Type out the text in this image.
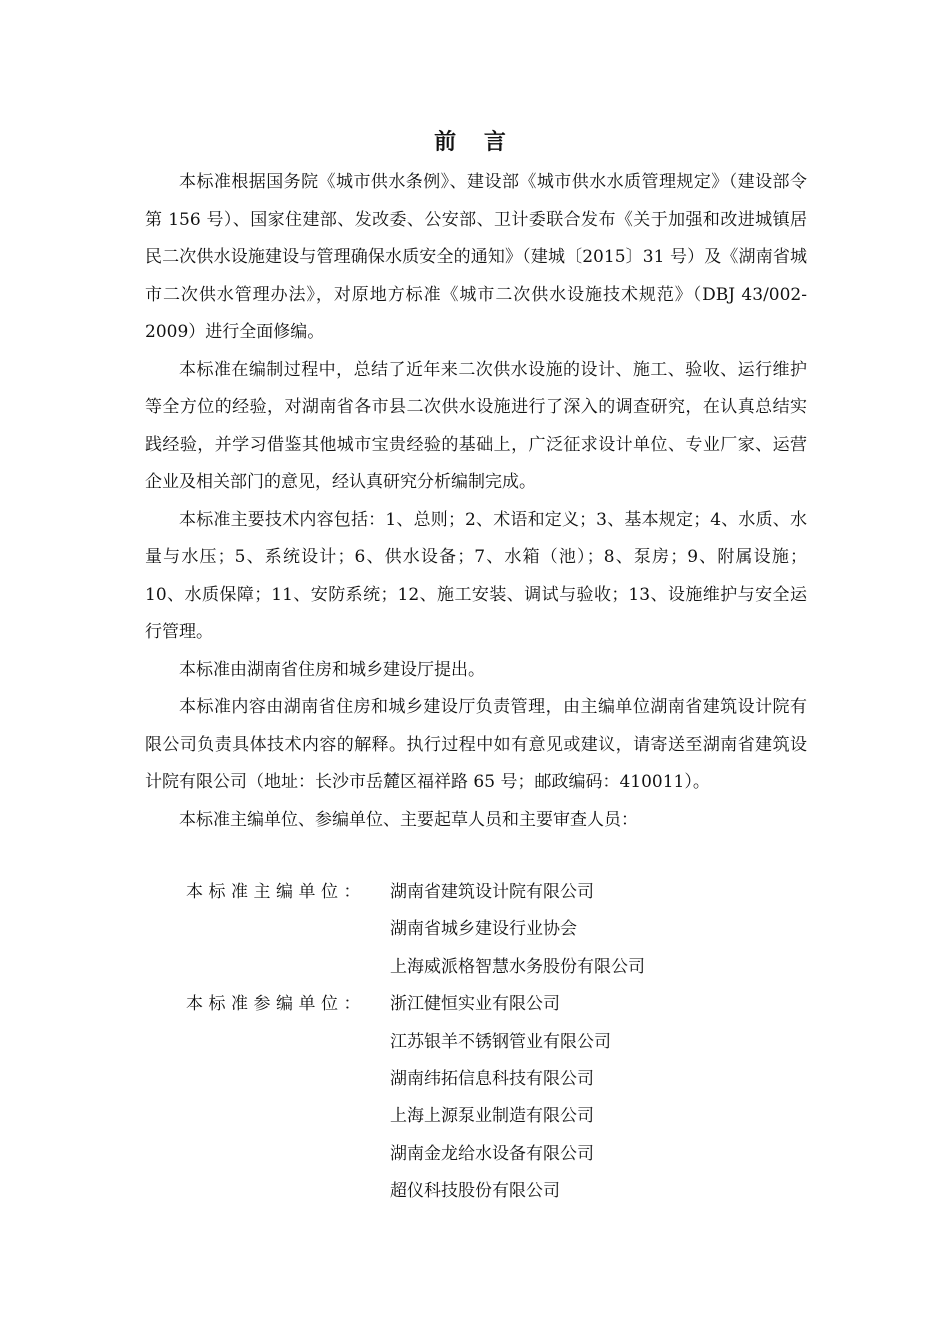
前 言

本标准根据国务院《城市供水条例》、建设部《城市供水水质管理规定》（建设部令第 156 号）、国家住建部、发改委、公安部、卫计委联合发布《关于加强和改进城镇居民二次供水设施建设与管理确保水质安全的通知》（建城〔2015〕31 号）及《湖南省城市二次供水管理办法》，对原地方标准《城市二次供水设施技术规范》（DBJ 43/002-2009）进行全面修编。

本标准在编制过程中，总结了近年来二次供水设施的设计、施工、验收、运行维护等全方位的经验，对湖南省各市县二次供水设施进行了深入的调查研究，在认真总结实践经验，并学习借鉴其他城市宝贵经验的基础上，广泛征求设计单位、专业厂家、运营企业及相关部门的意见，经认真研究分析编制完成。

本标准主要技术内容包括：1、总则；2、术语和定义；3、基本规定；4、水质、水量与水压；5、系统设计；6、供水设备；7、水箱（池）；8、泵房；9、附属设施；10、水质保障；11、安防系统；12、施工安装、调试与验收；13、设施维护与安全运行管理。

本标准由湖南省住房和城乡建设厅提出。

本标准内容由湖南省住房和城乡建设厅负责管理，由主编单位湖南省建筑设计院有限公司负责具体技术内容的解释。执行过程中如有意见或建议，请寄送至湖南省建筑设计院有限公司（地址：长沙市岳麓区福祥路 65 号；邮政编码：410011）。

本标准主编单位、参编单位、主要起草人员和主要审查人员：

本标准主编单位： 湖南省建筑设计院有限公司
湖南省城乡建设行业协会
上海威派格智慧水务股份有限公司
本标准参编单位： 浙江健恒实业有限公司
江苏银羊不锈钢管业有限公司
湖南纬拓信息科技有限公司
上海上源泵业制造有限公司
湖南金龙给水设备有限公司
超仪科技股份有限公司
